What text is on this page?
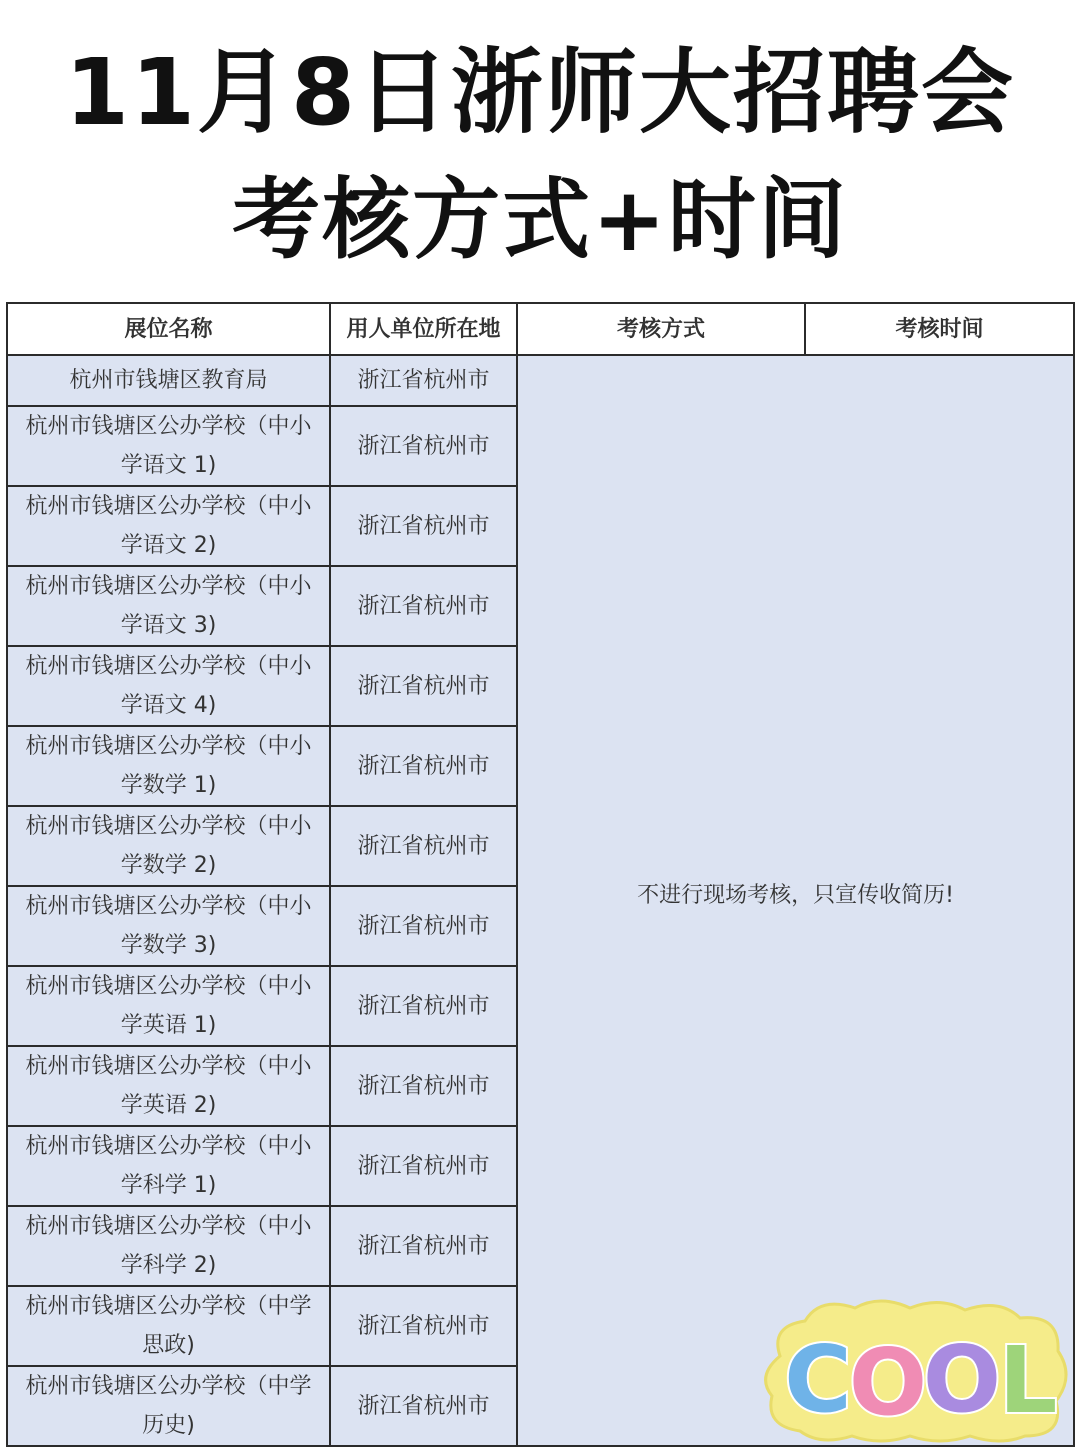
11月8日浙师大招聘会
考核方式+时间
展位名称	用人单位所在地	考核方式	考核时间
杭州市钱塘区教育局	浙江省杭州市	不进行现场考核，只宣传收简历!	
杭州市钱塘区公办学校（中小学语文 1)	浙江省杭州市		
杭州市钱塘区公办学校（中小学语文 2)	浙江省杭州市		
杭州市钱塘区公办学校（中小学语文 3)	浙江省杭州市		
杭州市钱塘区公办学校（中小学语文 4)	浙江省杭州市		
杭州市钱塘区公办学校（中小学数学 1)	浙江省杭州市		
杭州市钱塘区公办学校（中小学数学 2)	浙江省杭州市		
杭州市钱塘区公办学校（中小学数学 3)	浙江省杭州市		
杭州市钱塘区公办学校（中小学英语 1)	浙江省杭州市		
杭州市钱塘区公办学校（中小学英语 2)	浙江省杭州市		
杭州市钱塘区公办学校（中小学科学 1)	浙江省杭州市		
杭州市钱塘区公办学校（中小学科学 2)	浙江省杭州市		
杭州市钱塘区公办学校（中学思政)	浙江省杭州市		
杭州市钱塘区公办学校（中学历史)	浙江省杭州市			C
O
O
L
